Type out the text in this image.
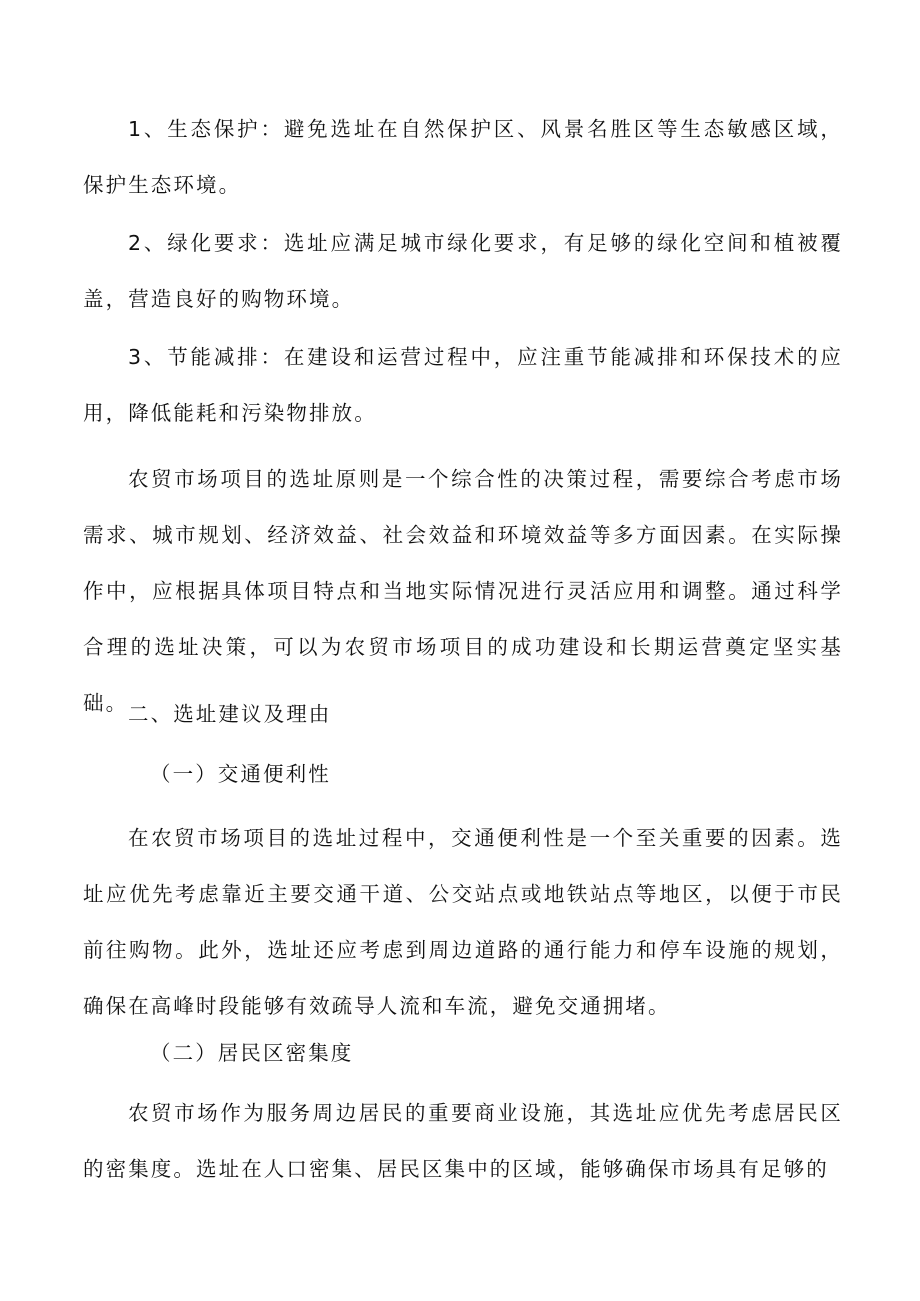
1、生态保护：避免选址在自然保护区、风景名胜区等生态敏感区域，保护生态环境。

2、绿化要求：选址应满足城市绿化要求，有足够的绿化空间和植被覆盖，营造良好的购物环境。

3、节能减排：在建设和运营过程中，应注重节能减排和环保技术的应用，降低能耗和污染物排放。

农贸市场项目的选址原则是一个综合性的决策过程，需要综合考虑市场需求、城市规划、经济效益、社会效益和环境效益等多方面因素。在实际操作中，应根据具体项目特点和当地实际情况进行灵活应用和调整。通过科学合理的选址决策，可以为农贸市场项目的成功建设和长期运营奠定坚实基础。 二、选址建议及理由

（一）交通便利性

在农贸市场项目的选址过程中，交通便利性是一个至关重要的因素。选址应优先考虑靠近主要交通干道、公交站点或地铁站点等地区，以便于市民前往购物。此外，选址还应考虑到周边道路的通行能力和停车设施的规划，确保在高峰时段能够有效疏导人流和车流，避免交通拥堵。

（二）居民区密集度

农贸市场作为服务周边居民的重要商业设施，其选址应优先考虑居民区的密集度。选址在人口密集、居民区集中的区域，能够确保市场具有足够的
